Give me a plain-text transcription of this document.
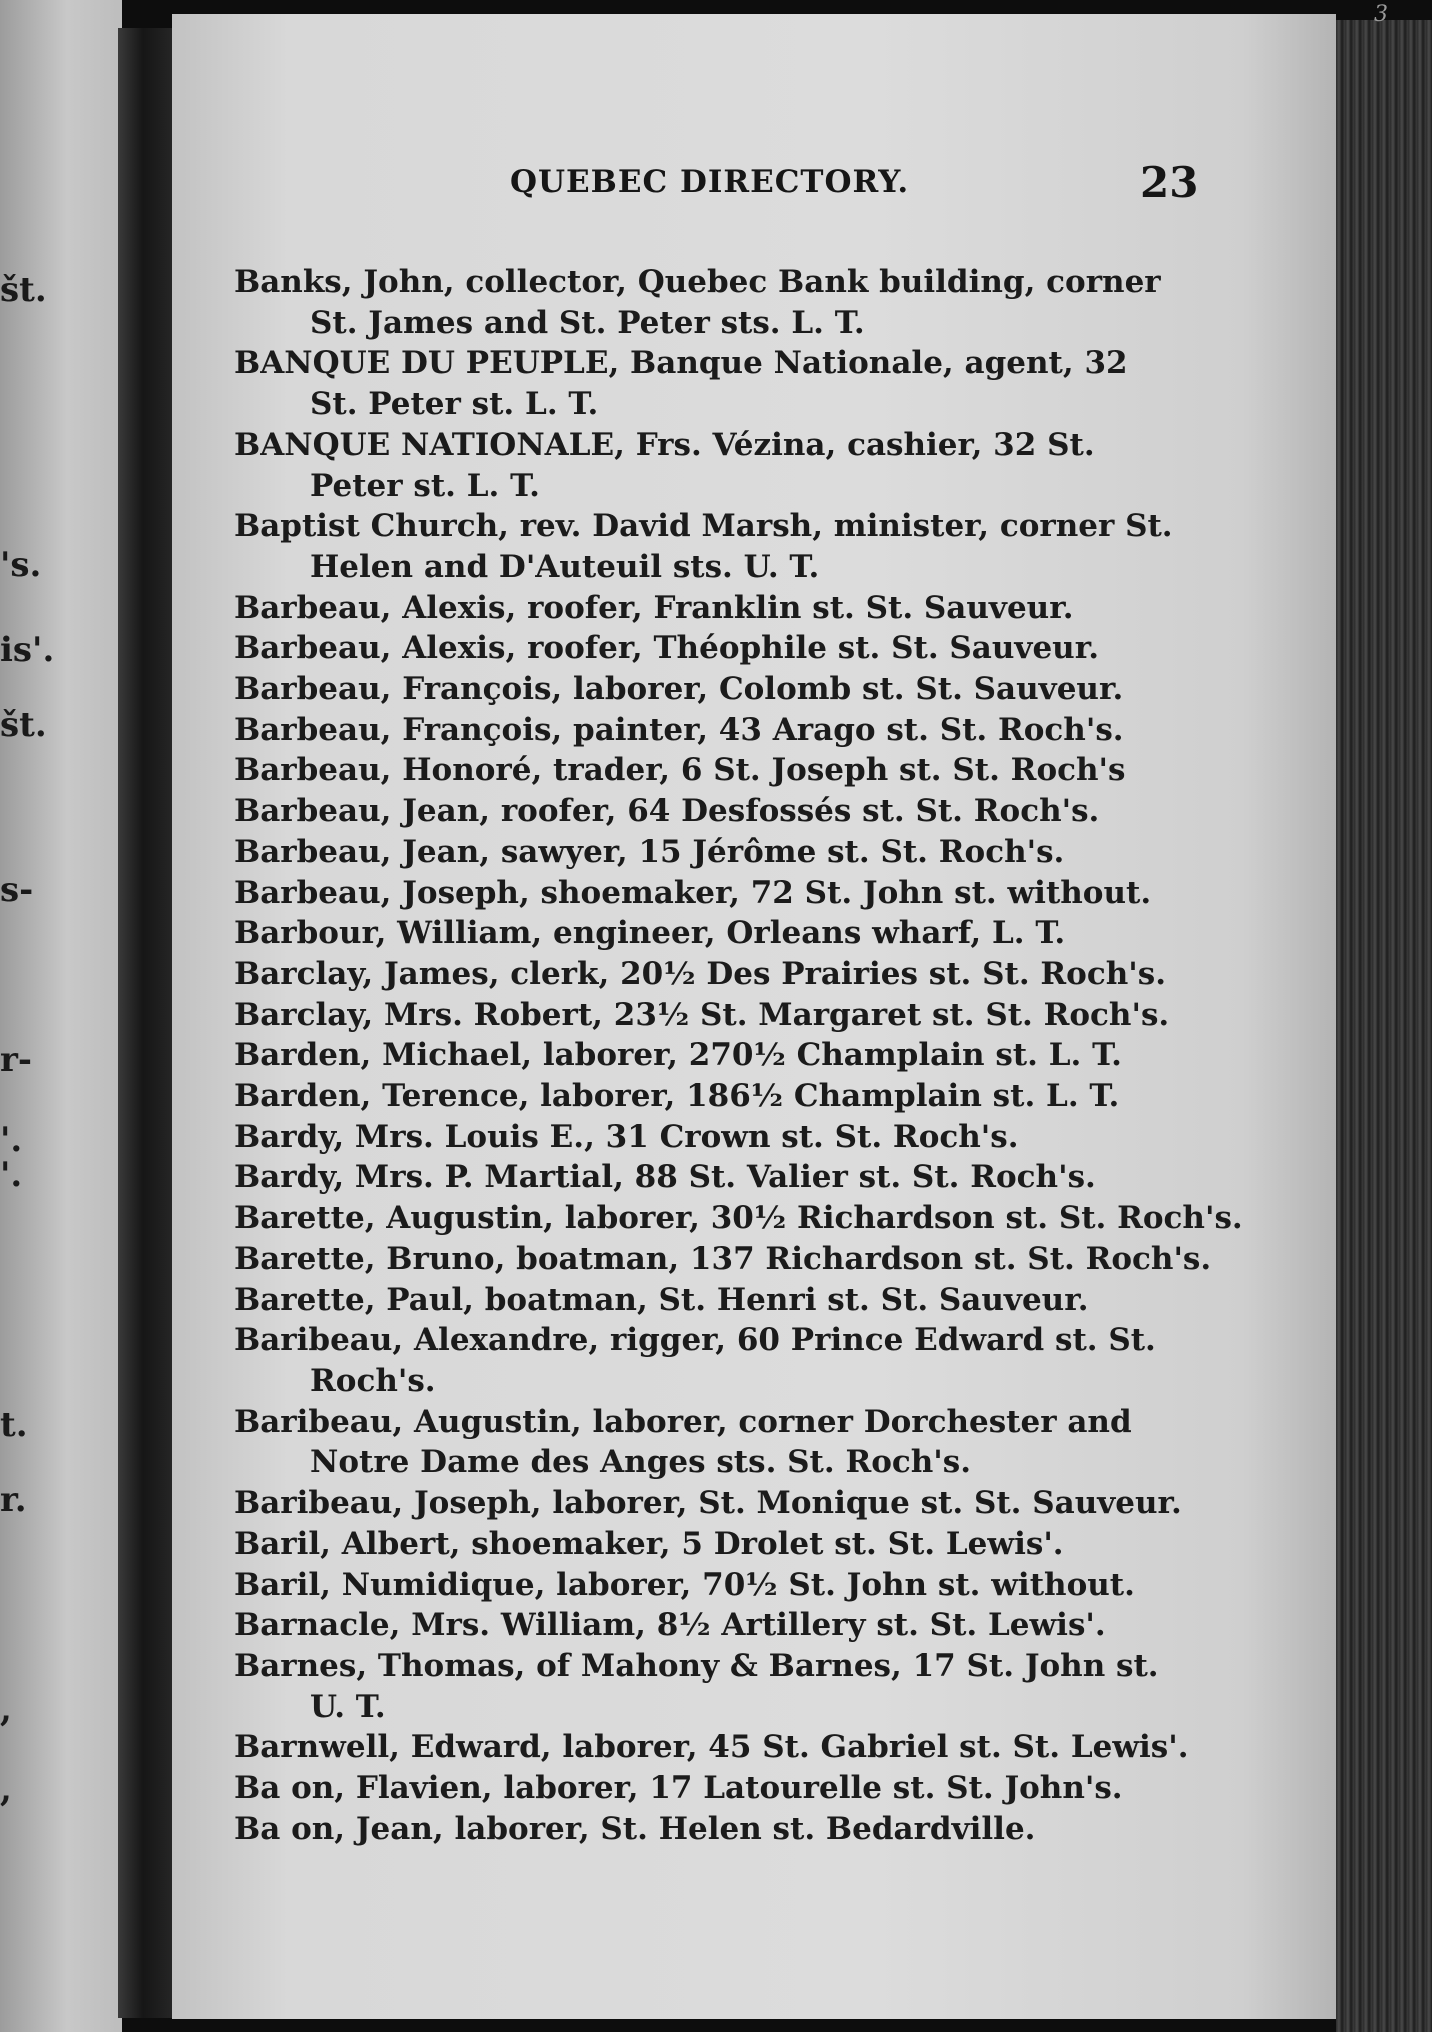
št.
's.
is'.
št.
s-
r-
'.
'.
t.
r.
,
,
3
QUEBEC DIRECTORY.	23
Banks, John, collector, Quebec Bank building, corner
St. James and St. Peter sts. L. T.
BANQUE DU PEUPLE, Banque Nationale, agent, 32
St. Peter st. L. T.
BANQUE NATIONALE, Frs. Vézina, cashier, 32 St.
Peter st. L. T.
Baptist Church, rev. David Marsh, minister, corner St.
Helen and D'Auteuil sts. U. T.
Barbeau, Alexis, roofer, Franklin st. St. Sauveur.
Barbeau, Alexis, roofer, Théophile st. St. Sauveur.
Barbeau, François, laborer, Colomb st. St. Sauveur.
Barbeau, François, painter, 43 Arago st. St. Roch's.
Barbeau, Honoré, trader, 6 St. Joseph st. St. Roch's
Barbeau, Jean, roofer, 64 Desfossés st. St. Roch's.
Barbeau, Jean, sawyer, 15 Jérôme st. St. Roch's.
Barbeau, Joseph, shoemaker, 72 St. John st. without.
Barbour, William, engineer, Orleans wharf, L. T.
Barclay, James, clerk, 20½ Des Prairies st. St. Roch's.
Barclay, Mrs. Robert, 23½ St. Margaret st. St. Roch's.
Barden, Michael, laborer, 270½ Champlain st. L. T.
Barden, Terence, laborer, 186½ Champlain st. L. T.
Bardy, Mrs. Louis E., 31 Crown st. St. Roch's.
Bardy, Mrs. P. Martial, 88 St. Valier st. St. Roch's.
Barette, Augustin, laborer, 30½ Richardson st. St. Roch's.
Barette, Bruno, boatman, 137 Richardson st. St. Roch's.
Barette, Paul, boatman, St. Henri st. St. Sauveur.
Baribeau, Alexandre, rigger, 60 Prince Edward st. St.
Roch's.
Baribeau, Augustin, laborer, corner Dorchester and
Notre Dame des Anges sts. St. Roch's.
Baribeau, Joseph, laborer, St. Monique st. St. Sauveur.
Baril, Albert, shoemaker, 5 Drolet st. St. Lewis'.
Baril, Numidique, laborer, 70½ St. John st. without.
Barnacle, Mrs. William, 8½ Artillery st. St. Lewis'.
Barnes, Thomas, of Mahony & Barnes, 17 St. John st.
U. T.
Barnwell, Edward, laborer, 45 St. Gabriel st. St. Lewis'.
Ba on, Flavien, laborer, 17 Latourelle st. St. John's.
Ba on, Jean, laborer, St. Helen st. Bedardville.
